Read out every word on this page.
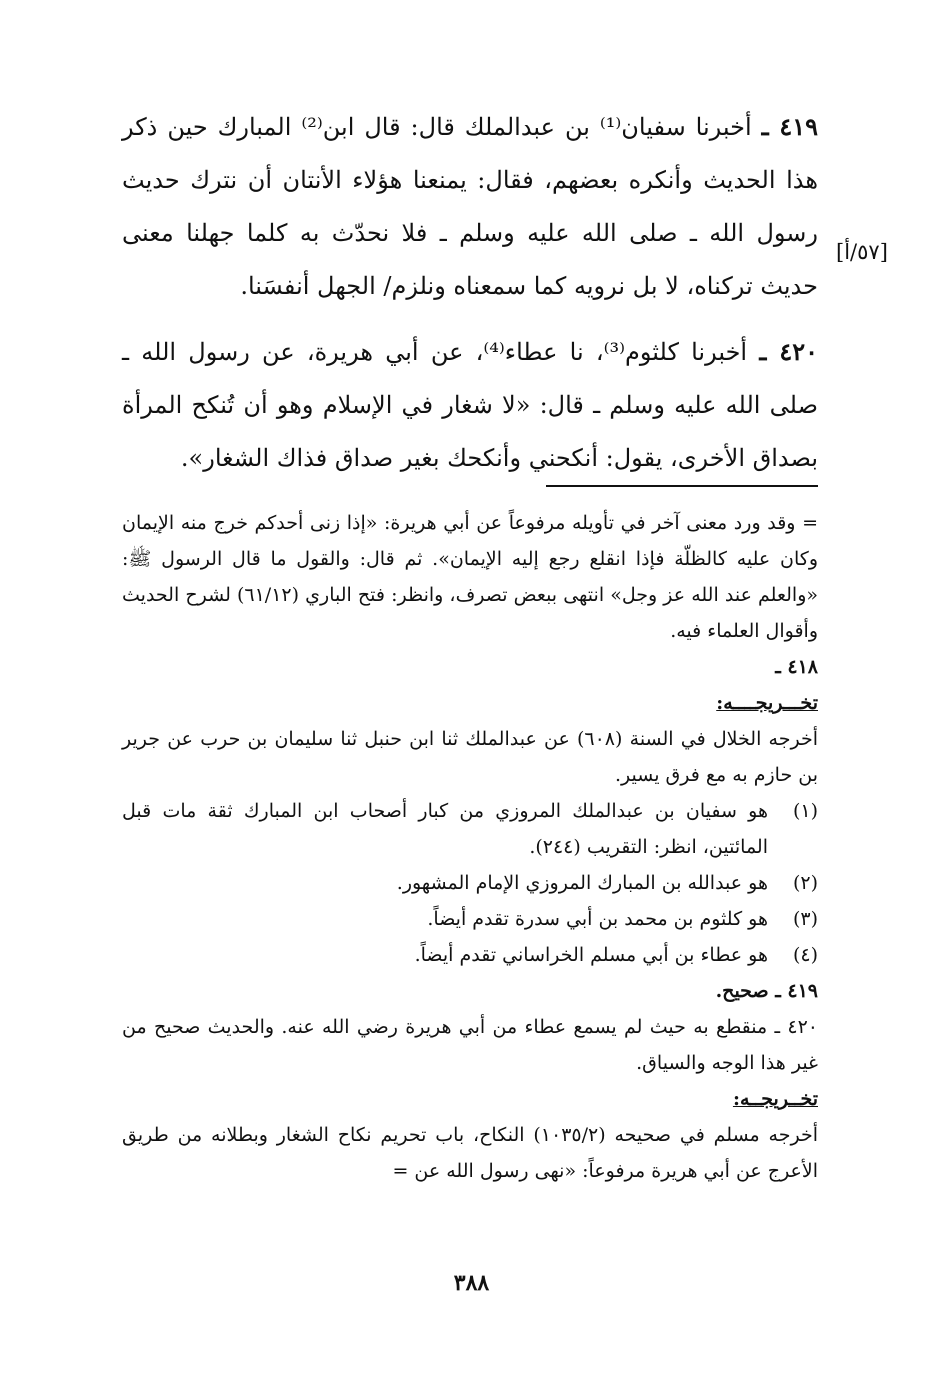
٤١٩ ـ أخبرنا سفيان⁽¹⁾ بن عبدالملك قال: قال ابن⁽²⁾ المبارك حين ذكر هذا الحديث وأنكره بعضهم، فقال: يمنعنا هؤلاء الأنتان أن نترك حديث رسول الله ـ صلى الله عليه وسلم ـ فلا نحدّث به كلما جهلنا معنى حديث تركناه، لا بل نرويه كما سمعناه ونلزم/ الجهل أنفسَنا.

٤٢٠ ـ أخبرنا كلثوم⁽³⁾، نا عطاء⁽⁴⁾، عن أبي هريرة، عن رسول الله ـ صلى الله عليه وسلم ـ قال: «لا شغار في الإسلام وهو أن تُنكح المرأة بصداق الأخرى، يقول: أنكحني وأنكحك بغير صداق فذاك الشغار».

[٥٧/أ]

= وقد ورد معنى آخر في تأويله مرفوعاً عن أبي هريرة: «إذا زنى أحدكم خرج منه الإيمان وكان عليه كالظلّة فإذا انقلع رجع إليه الإيمان». ثم قال: والقول ما قال الرسول ﷺ: «والعلم عند الله عز وجل» انتهى ببعض تصرف، وانظر: فتح الباري (٦١/١٢) لشرح الحديث وأقوال العلماء فيه.

٤١٨ ـ

تخـــريجــــه:

أخرجه الخلال في السنة (٦٠٨) عن عبدالملك ثنا ابن حنبل ثنا سليمان بن حرب عن جرير بن حازم به مع فرق يسير.

(١)هو سفيان بن عبدالملك المروزي من كبار أصحاب ابن المبارك ثقة مات قبل المائتين، انظر: التقريب (٢٤٤).

(٢)هو عبدالله بن المبارك المروزي الإمام المشهور.

(٣)هو كلثوم بن محمد بن أبي سدرة تقدم أيضاً.

(٤)هو عطاء بن أبي مسلم الخراساني تقدم أيضاً.

٤١٩ ـ صحيح.

٤٢٠ ـ منقطع به حيث لم يسمع عطاء من أبي هريرة رضي الله عنه. والحديث صحيح من غير هذا الوجه والسياق.

تخــريجــه:

أخرجه مسلم في صحيحه (١٠٣٥/٢) النكاح، باب تحريم نكاح الشغار وبطلانه من طريق الأعرج عن أبي هريرة مرفوعاً: «نهى رسول الله عن =

٣٨٨
